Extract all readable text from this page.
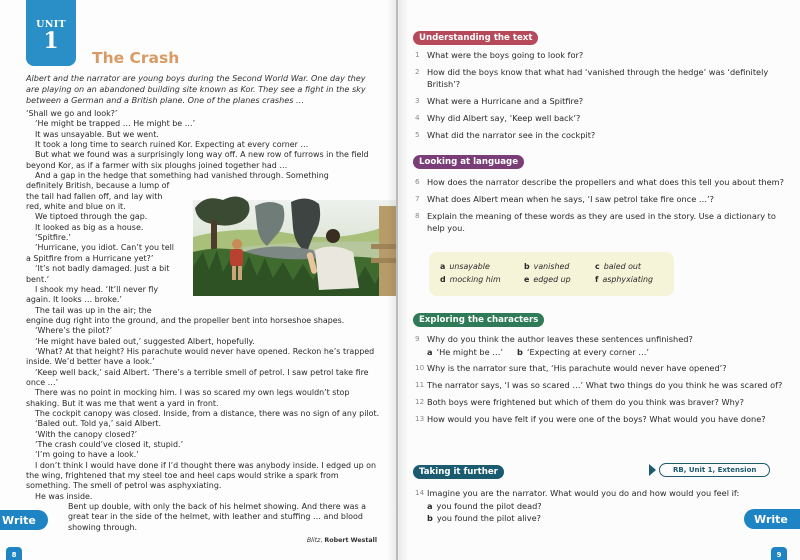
UNIT
1
The Crash
Albert and the narrator are young boys during the Second World War. One day they are playing on an abandoned building site known as Kor. They see a fight in the sky between a German and a British plane. One of the planes crashes …

‘Shall we go and look?’

‘He might be trapped … He might be …’

It was unsayable. But we went.

It took a long time to search ruined Kor. Expecting at every corner …

But what we found was a surprisingly long way off. A new row of furrows in the field beyond Kor, as if a farmer with six ploughs joined together had …

And a gap in the hedge that something had vanished through. Something

definitely British, because a lump of the tail had fallen off, and lay with red, white and blue on it.

We tiptoed through the gap.

It looked as big as a house.

‘Spitfire.’

‘Hurricane, you idiot. Can’t you tell a Spitfire from a Hurricane yet?’

‘It’s not badly damaged. Just a bit bent.’

I shook my head. ‘It’ll never fly again. It looks … broke.’

The tail was up in the air; the

engine dug right into the ground, and the propeller bent into horseshoe shapes.

‘Where’s the pilot?’

‘He might have baled out,’ suggested Albert, hopefully.

‘What? At that height? His parachute would never have opened. Reckon he’s trapped inside. We’d better have a look.’

‘Keep well back,’ said Albert. ‘There’s a terrible smell of petrol. I saw petrol take fire once …’

There was no point in mocking him. I was so scared my own legs wouldn’t stop shaking. But it was me that went a yard in front.

The cockpit canopy was closed. Inside, from a distance, there was no sign of any pilot.

‘Baled out. Told ya,’ said Albert.

‘With the canopy closed?’

‘The crash could’ve closed it, stupid.’

‘I’m going to have a look.’

I don’t think I would have done if I’d thought there was anybody inside. I edged up on the wing, frightened that my steel toe and heel caps would strike a spark from something. The smell of petrol was asphyxiating.

He was inside.

Bent up double, with only the back of his helmet showing. And there was a great tear in the side of the helmet, with leather and stuffing … and blood showing through.

Blitz, Robert Westall
Write
8
Understanding the text
1 What were the boys going to look for?
2 How did the boys know that what had ‘vanished through the hedge’ was ‘definitely British’?
3 What were a Hurricane and a Spitfire?
4 Why did Albert say, ‘Keep well back’?
5 What did the narrator see in the cockpit?
Looking at language
6 How does the narrator describe the propellers and what does this tell you about them?
7 What does Albert mean when he says, ‘I saw petrol take fire once …’?
8 Explain the meaning of these words as they are used in the story. Use a dictionary to help you.
a unsayable	b vanished	c baled out
d mocking him	e edged up	f asphyxiating
Exploring the characters
9 Why do you think the author leaves these sentences unfinished?
a ‘He might be …’ b ‘Expecting at every corner …’
10 Why is the narrator sure that, ‘His parachute would never have opened’?
11 The narrator says, ‘I was so scared …’ What two things do you think he was scared of?
12 Both boys were frightened but which of them do you think was braver? Why?
13 How would you have felt if you were one of the boys? What would you have done?
Taking it further	RB, Unit 1, Extension
14 Imagine you are the narrator. What would you do and how would you feel if:
a you found the pilot dead?
b you found the pilot alive?	Write
9
